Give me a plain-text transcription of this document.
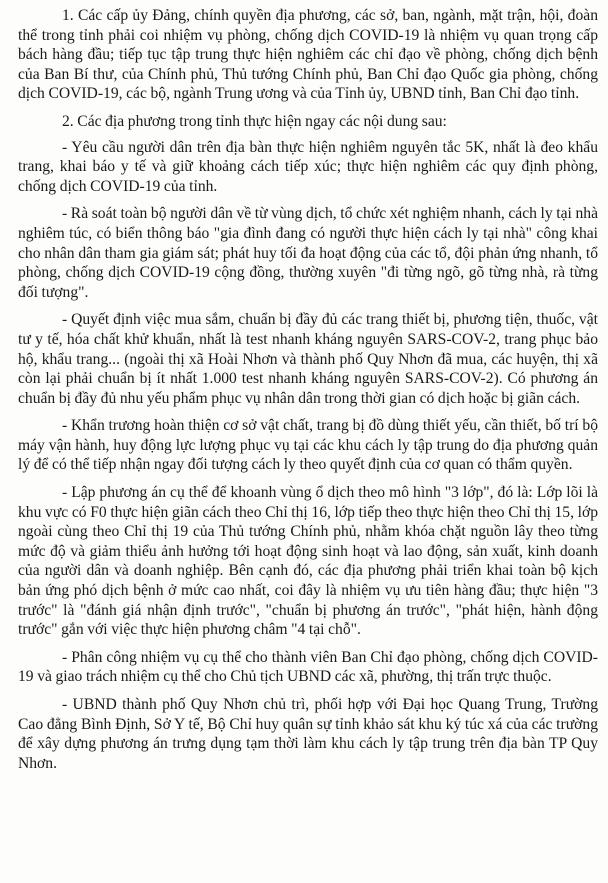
1. Các cấp ủy Đảng, chính quyền địa phương, các sở, ban, ngành, mặt trận, hội, đoàn thể trong tỉnh phải coi nhiệm vụ phòng, chống dịch COVID-19 là nhiệm vụ quan trọng cấp bách hàng đầu; tiếp tục tập trung thực hiện nghiêm các chỉ đạo về phòng, chống dịch bệnh của Ban Bí thư, của Chính phủ, Thủ tướng Chính phủ, Ban Chỉ đạo Quốc gia phòng, chống dịch COVID-19, các bộ, ngành Trung ương và của Tỉnh ủy, UBND tỉnh, Ban Chỉ đạo tỉnh.

2. Các địa phương trong tỉnh thực hiện ngay các nội dung sau:

- Yêu cầu người dân trên địa bàn thực hiện nghiêm nguyên tắc 5K, nhất là đeo khẩu trang, khai báo y tế và giữ khoảng cách tiếp xúc; thực hiện nghiêm các quy định phòng, chống dịch COVID-19 của tỉnh.

- Rà soát toàn bộ người dân về từ vùng dịch, tổ chức xét nghiệm nhanh, cách ly tại nhà nghiêm túc, có biển thông báo "gia đình đang có người thực hiện cách ly tại nhà" công khai cho nhân dân tham gia giám sát; phát huy tối đa hoạt động của các tổ, đội phản ứng nhanh, tổ phòng, chống dịch COVID-19 cộng đồng, thường xuyên "đi từng ngõ, gõ từng nhà, rà từng đối tượng".

- Quyết định việc mua sắm, chuẩn bị đầy đủ các trang thiết bị, phương tiện, thuốc, vật tư y tế, hóa chất khử khuẩn, nhất là test nhanh kháng nguyên SARS-COV-2, trang phục bảo hộ, khẩu trang... (ngoài thị xã Hoài Nhơn và thành phố Quy Nhơn đã mua, các huyện, thị xã còn lại phải chuẩn bị ít nhất 1.000 test nhanh kháng nguyên SARS-COV-2). Có phương án chuẩn bị đầy đủ nhu yếu phẩm phục vụ nhân dân trong thời gian có dịch hoặc bị giãn cách.

- Khẩn trương hoàn thiện cơ sở vật chất, trang bị đồ dùng thiết yếu, cần thiết, bố trí bộ máy vận hành, huy động lực lượng phục vụ tại các khu cách ly tập trung do địa phương quản lý để có thể tiếp nhận ngay đối tượng cách ly theo quyết định của cơ quan có thẩm quyền.

- Lập phương án cụ thể để khoanh vùng ổ dịch theo mô hình "3 lớp", đó là: Lớp lõi là khu vực có F0 thực hiện giãn cách theo Chỉ thị 16, lớp tiếp theo thực hiện theo Chỉ thị 15, lớp ngoài cùng theo Chỉ thị 19 của Thủ tướng Chính phủ, nhằm khóa chặt nguồn lây theo từng mức độ và giảm thiểu ảnh hưởng tới hoạt động sinh hoạt và lao động, sản xuất, kinh doanh của người dân và doanh nghiệp. Bên cạnh đó, các địa phương phải triển khai toàn bộ kịch bản ứng phó dịch bệnh ở mức cao nhất, coi đây là nhiệm vụ ưu tiên hàng đầu; thực hiện "3 trước" là "đánh giá nhận định trước", "chuẩn bị phương án trước", "phát hiện, hành động trước" gắn với việc thực hiện phương châm "4 tại chỗ".

- Phân công nhiệm vụ cụ thể cho thành viên Ban Chỉ đạo phòng, chống dịch COVID-19 và giao trách nhiệm cụ thể cho Chủ tịch UBND các xã, phường, thị trấn trực thuộc.

- UBND thành phố Quy Nhơn chủ trì, phối hợp với Đại học Quang Trung, Trường Cao đẳng Bình Định, Sở Y tế, Bộ Chỉ huy quân sự tỉnh khảo sát khu ký túc xá của các trường để xây dựng phương án trưng dụng tạm thời làm khu cách ly tập trung trên địa bàn TP Quy Nhơn.
